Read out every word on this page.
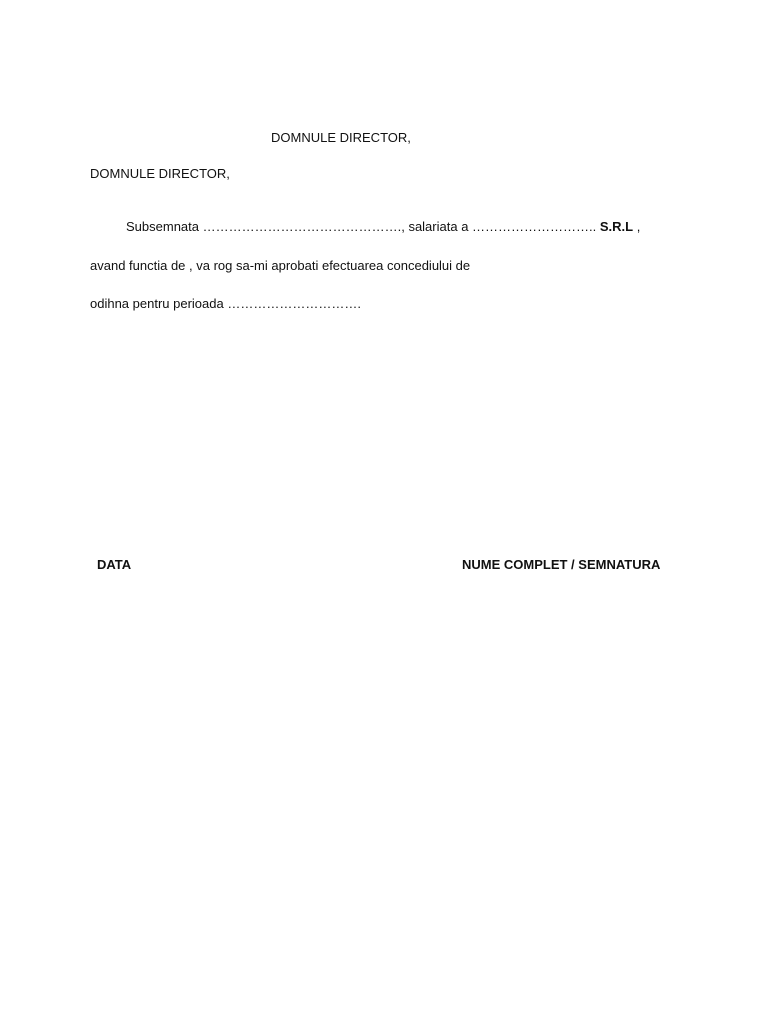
DOMNULE DIRECTOR,
DOMNULE DIRECTOR,
Subsemnata ………………………………………., salariata a ……………………….. S.R.L ,
avand functia de , va rog sa-mi aprobati efectuarea concediului de
odihna pentru perioada ………………………….
DATA	NUME COMPLET / SEMNATURA
